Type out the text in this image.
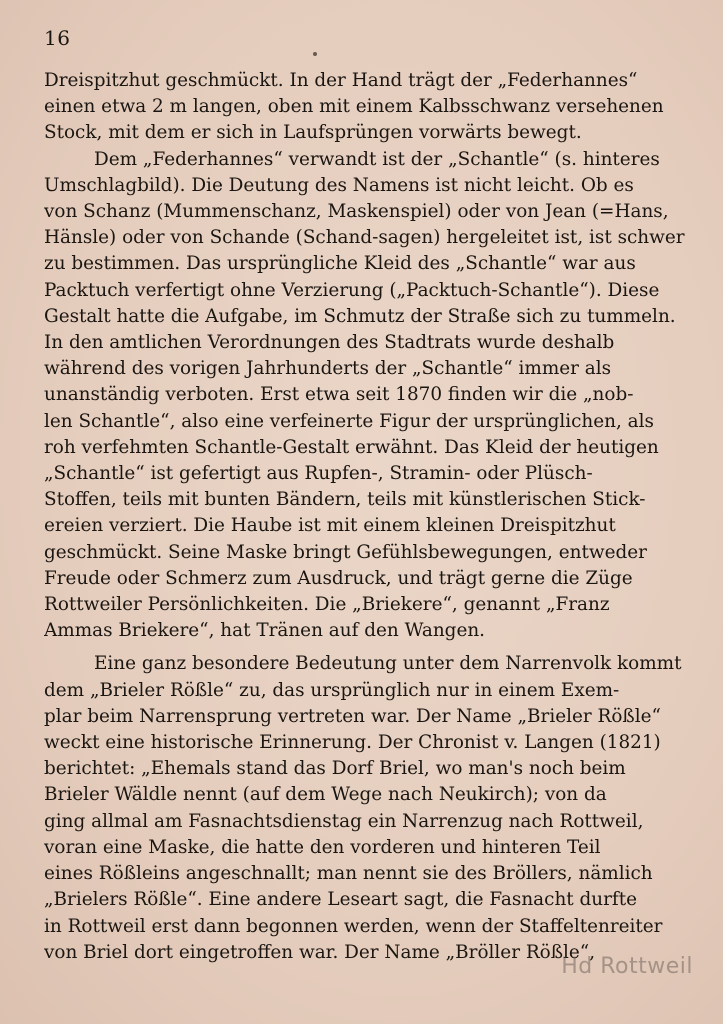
16
Dreispitzhut geschmückt. In der Hand trägt der „Federhannes“
einen etwa 2 m langen, oben mit einem Kalbsschwanz versehenen
Stock, mit dem er sich in Laufsprüngen vorwärts bewegt.
Dem „Federhannes“ verwandt ist der „Schantle“ (s. hinteres
Umschlagbild). Die Deutung des Namens ist nicht leicht. Ob es
von Schanz (Mummenschanz, Maskenspiel) oder von Jean (=Hans,
Hänsle) oder von Schande (Schand-sagen) hergeleitet ist, ist schwer
zu bestimmen. Das ursprüngliche Kleid des „Schantle“ war aus
Packtuch verfertigt ohne Verzierung („Packtuch-Schantle“). Diese
Gestalt hatte die Aufgabe, im Schmutz der Straße sich zu tummeln.
In den amtlichen Verordnungen des Stadtrats wurde deshalb
während des vorigen Jahrhunderts der „Schantle“ immer als
unanständig verboten. Erst etwa seit 1870 finden wir die „nob-
len Schantle“, also eine verfeinerte Figur der ursprünglichen, als
roh verfehmten Schantle-Gestalt erwähnt. Das Kleid der heutigen
„Schantle“ ist gefertigt aus Rupfen-, Stramin- oder Plüsch-
Stoffen, teils mit bunten Bändern, teils mit künstlerischen Stick-
ereien verziert. Die Haube ist mit einem kleinen Dreispitzhut
geschmückt. Seine Maske bringt Gefühlsbewegungen, entweder
Freude oder Schmerz zum Ausdruck, und trägt gerne die Züge
Rottweiler Persönlichkeiten. Die „Briekere“, genannt „Franz
Ammas Briekere“, hat Tränen auf den Wangen.
Eine ganz besondere Bedeutung unter dem Narrenvolk kommt
dem „Brieler Rößle“ zu, das ursprünglich nur in einem Exem-
plar beim Narrensprung vertreten war. Der Name „Brieler Rößle“
weckt eine historische Erinnerung. Der Chronist v. Langen (1821)
berichtet: „Ehemals stand das Dorf Briel, wo man's noch beim
Brieler Wäldle nennt (auf dem Wege nach Neukirch); von da
ging allmal am Fasnachtsdienstag ein Narrenzug nach Rottweil,
voran eine Maske, die hatte den vorderen und hinteren Teil
eines Rößleins angeschnallt; man nennt sie des Bröllers, nämlich
„Brielers Rößle“. Eine andere Leseart sagt, die Fasnacht durfte
in Rottweil erst dann begonnen werden, wenn der Staffeltenreiter
von Briel dort eingetroffen war. Der Name „Bröller Rößle“,
Hd Rottweil
